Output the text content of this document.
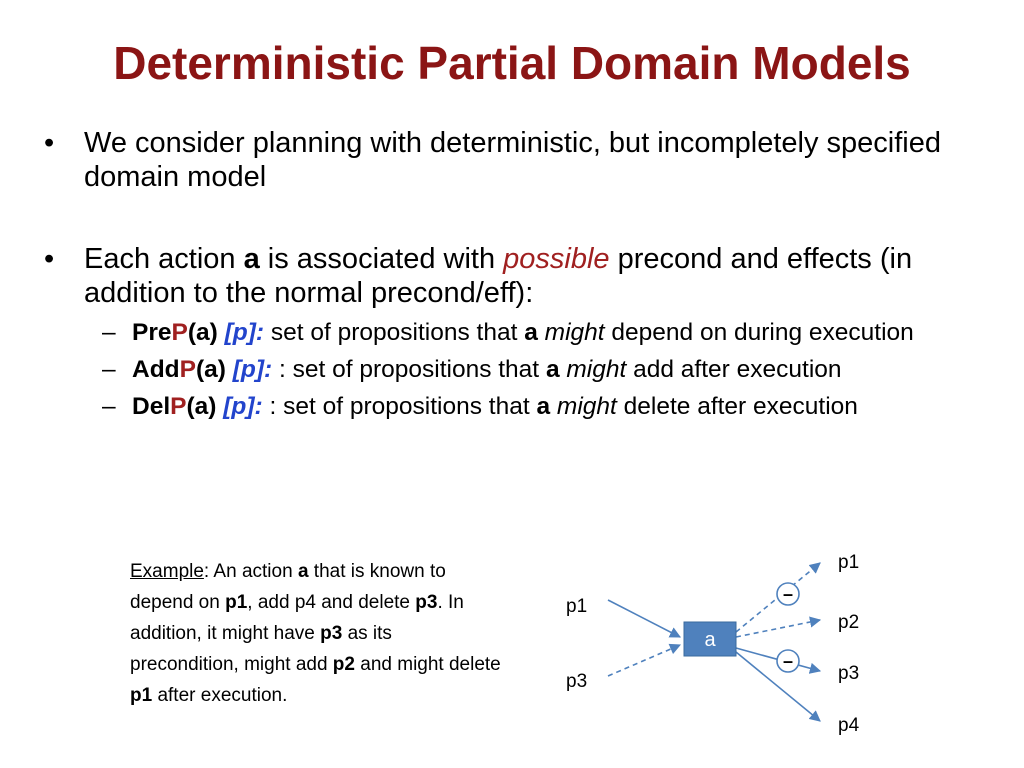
Deterministic Partial Domain Models
• We consider planning with deterministic, but incompletely specified domain model
• Each action a is associated with possible precond and effects (in addition to the normal precond/eff):
– PreP(a) [p]: set of propositions that a might depend on during execution
– AddP(a) [p]: : set of propositions that a might add after execution
– DelP(a) [p]: : set of propositions that a might delete after execution
Example: An action a that is known to depend on p1, add p4 and delete p3. In addition, it might have p3 as its precondition, might add p2 and might delete p1 after execution.
a
–
–
p1
p3
p1
p2
p3
p4
